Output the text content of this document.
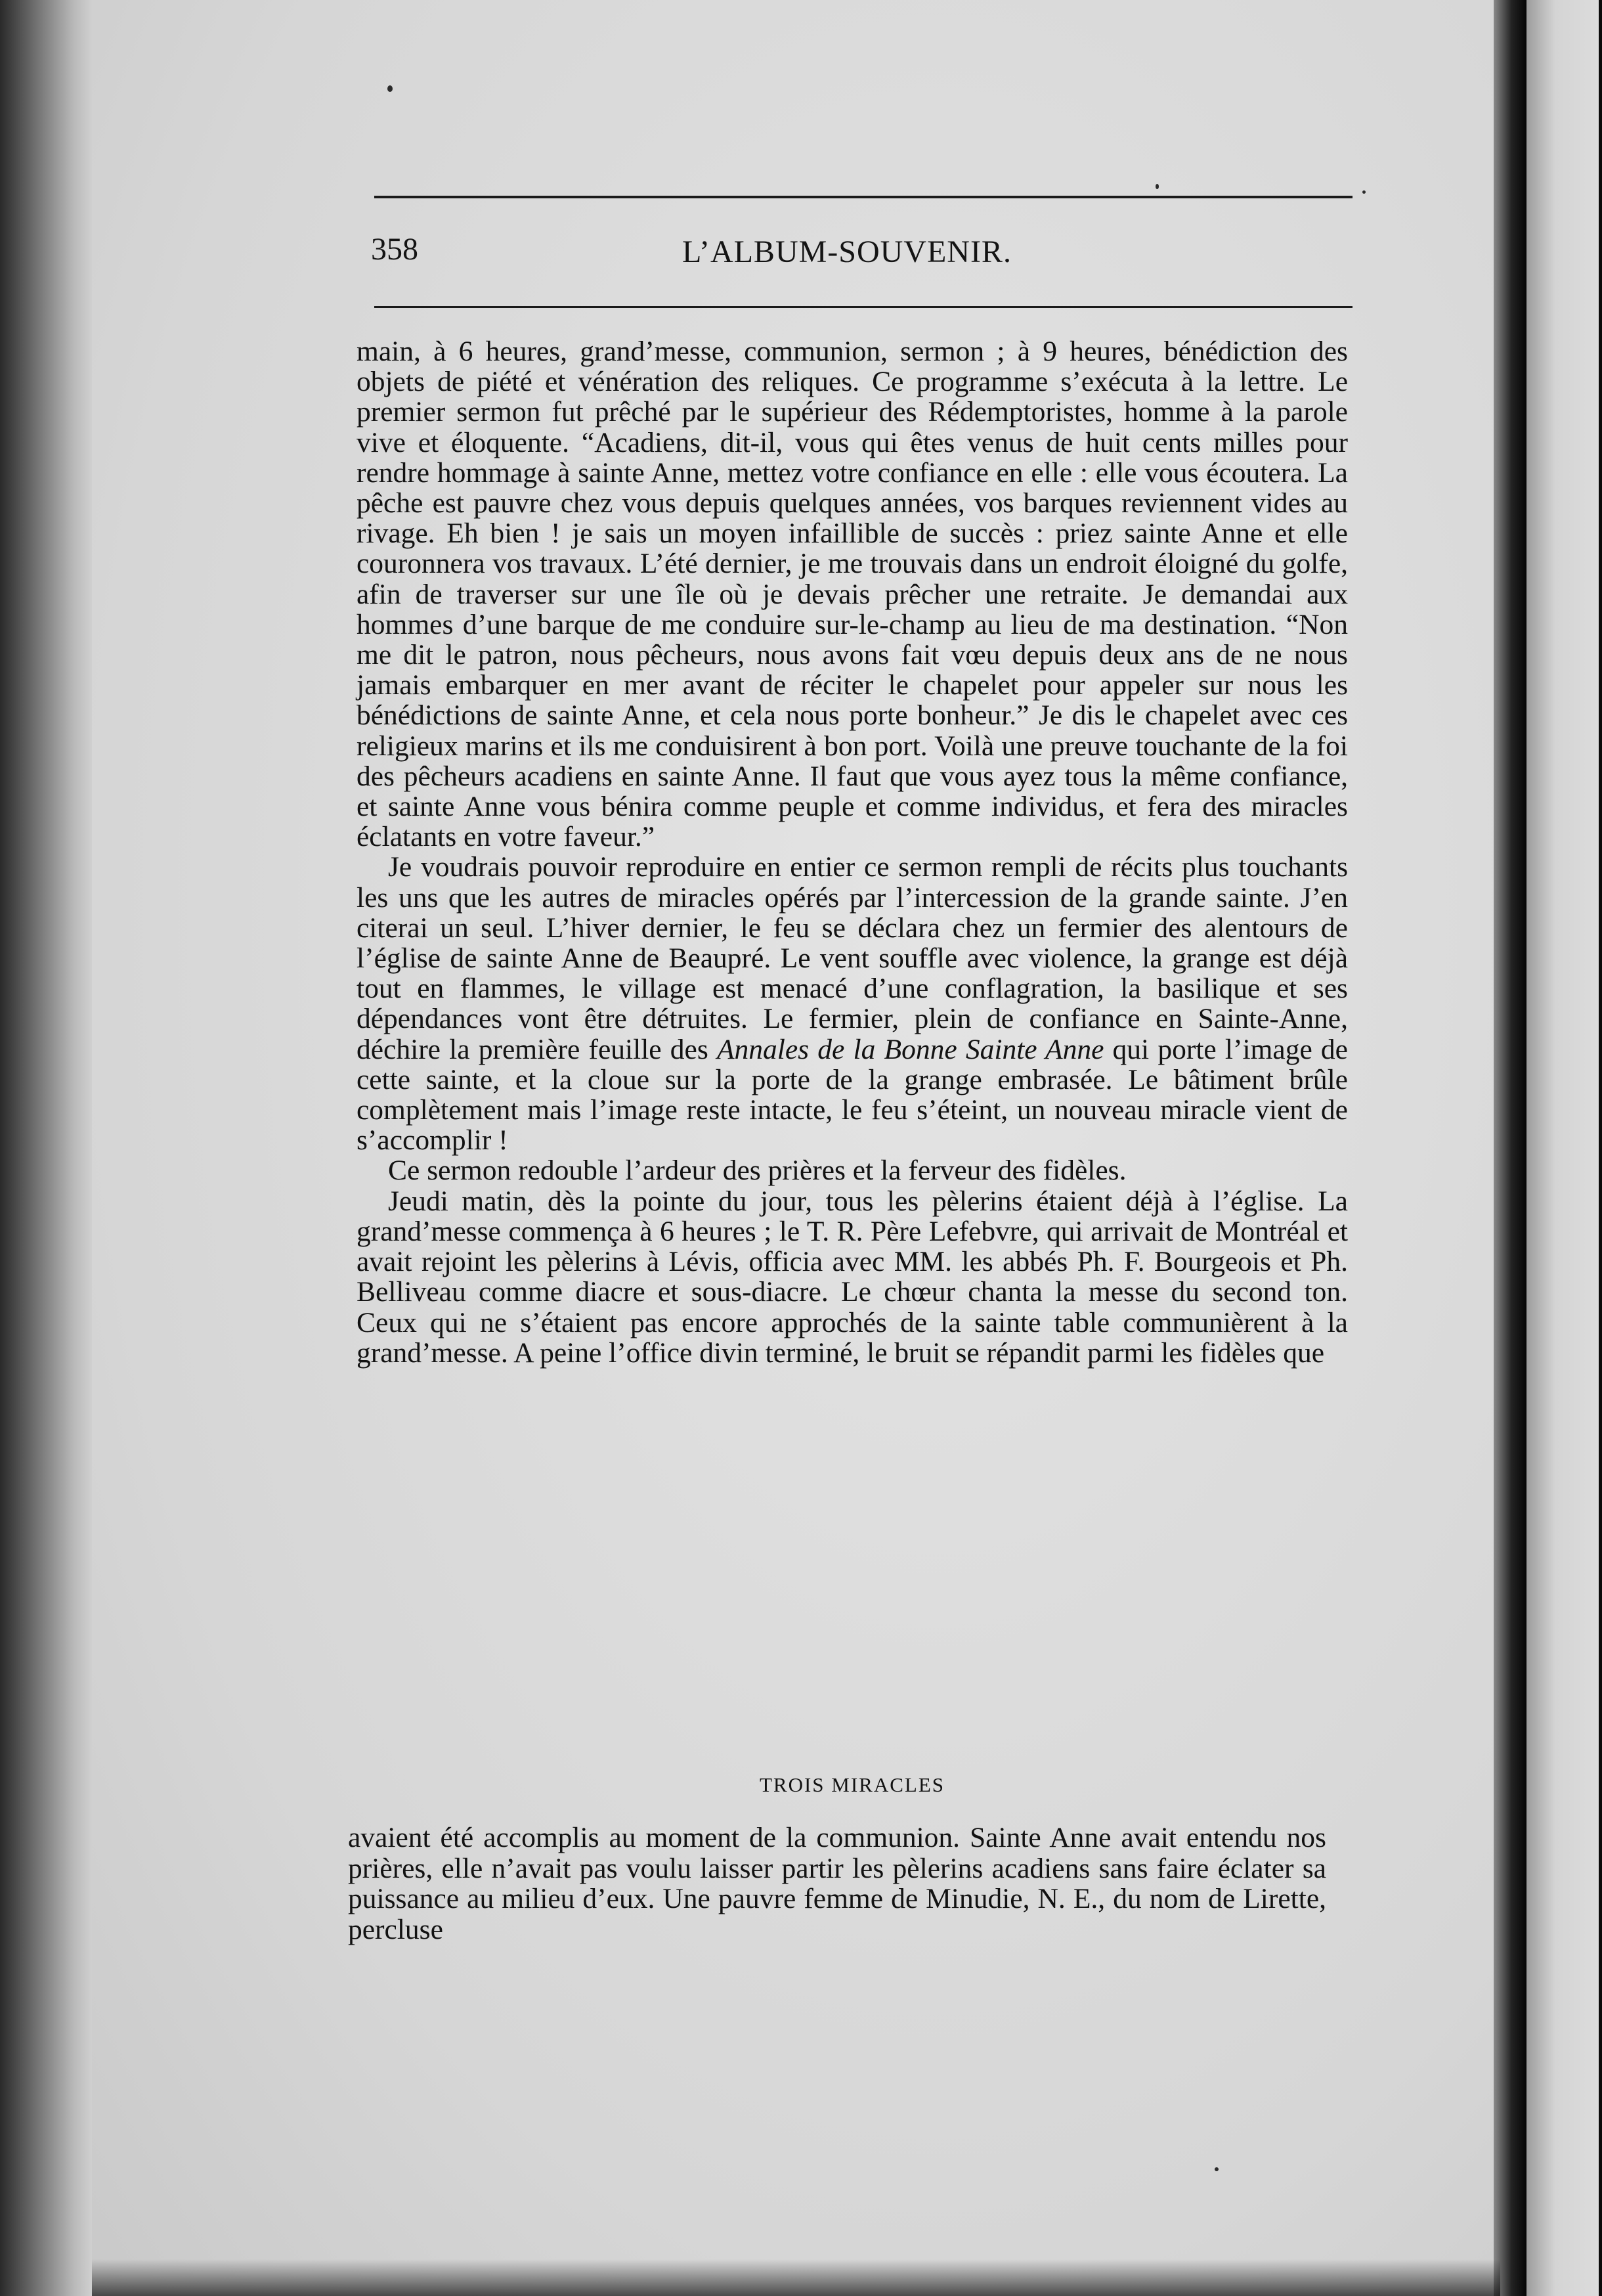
358	L’ALBUM-SOUVENIR.

main, à 6 heures, grand’messe, communion, sermon ; à 9 heures, bénédiction des objets de piété et vénération des reliques. Ce programme s’exécuta à la lettre. Le premier sermon fut prêché par le supérieur des Rédemptoristes, homme à la parole vive et éloquente. “Acadiens, dit-il, vous qui êtes venus de huit cents milles pour rendre hommage à sainte Anne, mettez votre confiance en elle : elle vous écoutera. La pêche est pauvre chez vous depuis quelques années, vos barques reviennent vides au rivage. Eh bien ! je sais un moyen infaillible de succès : priez sainte Anne et elle couronnera vos travaux. L’été dernier, je me trouvais dans un endroit éloigné du golfe, afin de traverser sur une île où je devais prêcher une retraite. Je demandai aux hommes d’une barque de me conduire sur-le-champ au lieu de ma destination. “Non me dit le patron, nous pêcheurs, nous avons fait vœu depuis deux ans de ne nous jamais embarquer en mer avant de réciter le chapelet pour appeler sur nous les bénédictions de sainte Anne, et cela nous porte bonheur.” Je dis le chapelet avec ces religieux marins et ils me conduisirent à bon port. Voilà une preuve touchante de la foi des pêcheurs acadiens en sainte Anne. Il faut que vous ayez tous la même confiance, et sainte Anne vous bénira comme peuple et comme individus, et fera des miracles éclatants en votre faveur.”

Je voudrais pouvoir reproduire en entier ce sermon rempli de récits plus touchants les uns que les autres de miracles opérés par l’intercession de la grande sainte. J’en citerai un seul. L’hiver dernier, le feu se déclara chez un fermier des alentours de l’église de sainte Anne de Beaupré. Le vent souffle avec violence, la grange est déjà tout en flammes, le village est menacé d’une conflagration, la basilique et ses dépendances vont être détruites. Le fermier, plein de confiance en Sainte-Anne, déchire la première feuille des Annales de la Bonne Sainte Anne qui porte l’image de cette sainte, et la cloue sur la porte de la grange embrasée. Le bâtiment brûle complètement mais l’image reste intacte, le feu s’éteint, un nouveau miracle vient de s’accomplir !

Ce sermon redouble l’ardeur des prières et la ferveur des fidèles.

Jeudi matin, dès la pointe du jour, tous les pèlerins étaient déjà à l’église. La grand’messe commença à 6 heures ; le T. R. Père Lefebvre, qui arrivait de Montréal et avait rejoint les pèlerins à Lévis, officia avec MM. les abbés Ph. F. Bourgeois et Ph. Belliveau comme diacre et sous-diacre. Le chœur chanta la messe du second ton. Ceux qui ne s’étaient pas encore approchés de la sainte table communièrent à la grand’messe. A peine l’office divin terminé, le bruit se répandit parmi les fidèles que

TROIS MIRACLES

avaient été accomplis au moment de la communion. Sainte Anne avait entendu nos prières, elle n’avait pas voulu laisser partir les pèlerins acadiens sans faire éclater sa puissance au milieu d’eux. Une pauvre femme de Minudie, N. E., du nom de Lirette, percluse
